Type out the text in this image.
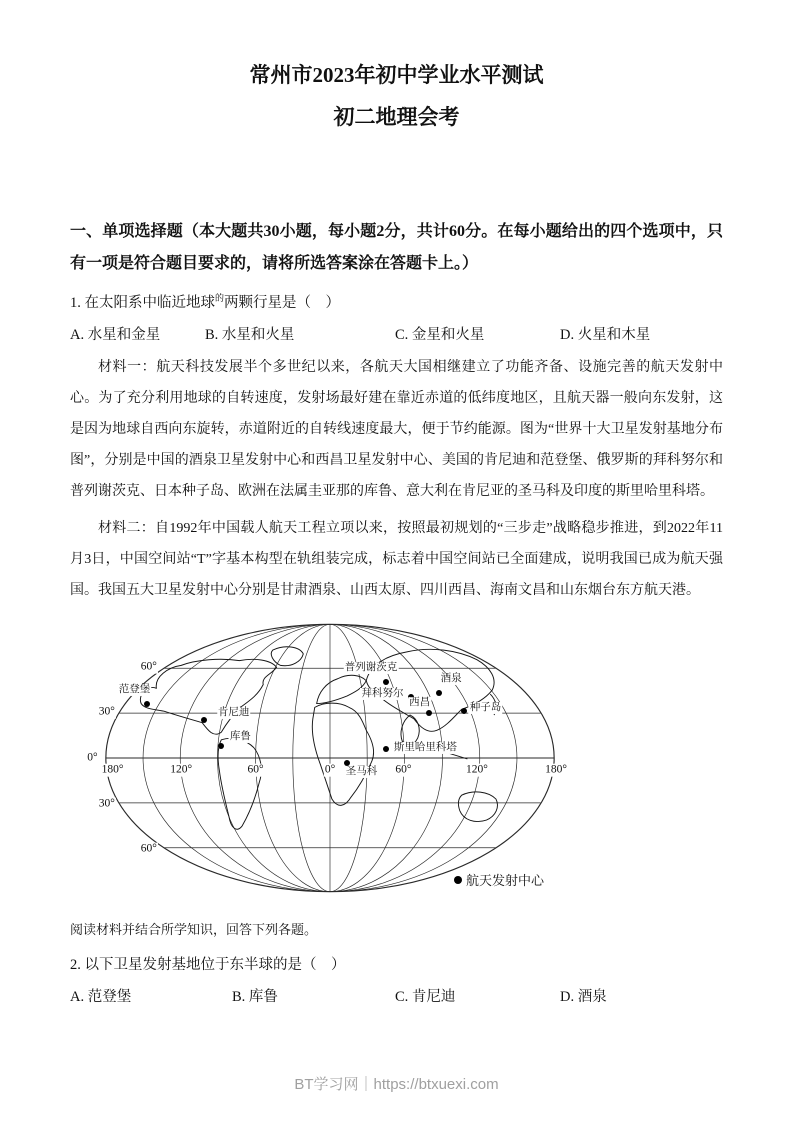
常州市2023年初中学业水平测试
初二地理会考

一、单项选择题（本大题共30小题，每小题2分，共计60分。在每小题给出的四个选项中，只有一项是符合题目要求的，请将所选答案涂在答题卡上。）

1. 在太阳系中临近地球$^的$两颗行星是（　）

A. 水星和金星	B. 水星和火星	C. 金星和火星	D. 火星和木星

材料一：航天科技发展半个多世纪以来，各航天大国相继建立了功能齐备、设施完善的航天发射中心。为了充分利用地球的自转速度，发射场最好建在靠近赤道的低纬度地区，且航天器一般向东发射，这是因为地球自西向东旋转，赤道附近的自转线速度最大，便于节约能源。图为“世界十大卫星发射基地分布图”，分别是中国的酒泉卫星发射中心和西昌卫星发射中心、美国的肯尼迪和范登堡、俄罗斯的拜科努尔和普列谢茨克、日本种子岛、欧洲在法属圭亚那的库鲁、意大利在肯尼亚的圣马科及印度的斯里哈里科塔。

材料二：自1992年中国载人航天工程立项以来，按照最初规划的“三步走”战略稳步推进，到2022年11月3日，中国空间站“T”字基本构型在轨组装完成，标志着中国空间站已全面建成，说明我国已成为航天强国。我国五大卫星发射中心分别是甘肃酒泉、山西太原、四川西昌、海南文昌和山东烟台东方航天港。

航天发射中心
范登堡
肯尼迪
库鲁
圣马科
普列谢茨克
拜科努尔
酒泉
西昌	种子岛
斯里哈里科塔
60°
30°
0°
30°
60°
180°	120°	60°	0°	60°	120°	180°

阅读材料并结合所学知识，回答下列各题。

2. 以下卫星发射基地位于东半球的是（　）

A. 范登堡	B. 库鲁	C. 肯尼迪	D. 酒泉
BT学习网｜https://btxuexi.com
